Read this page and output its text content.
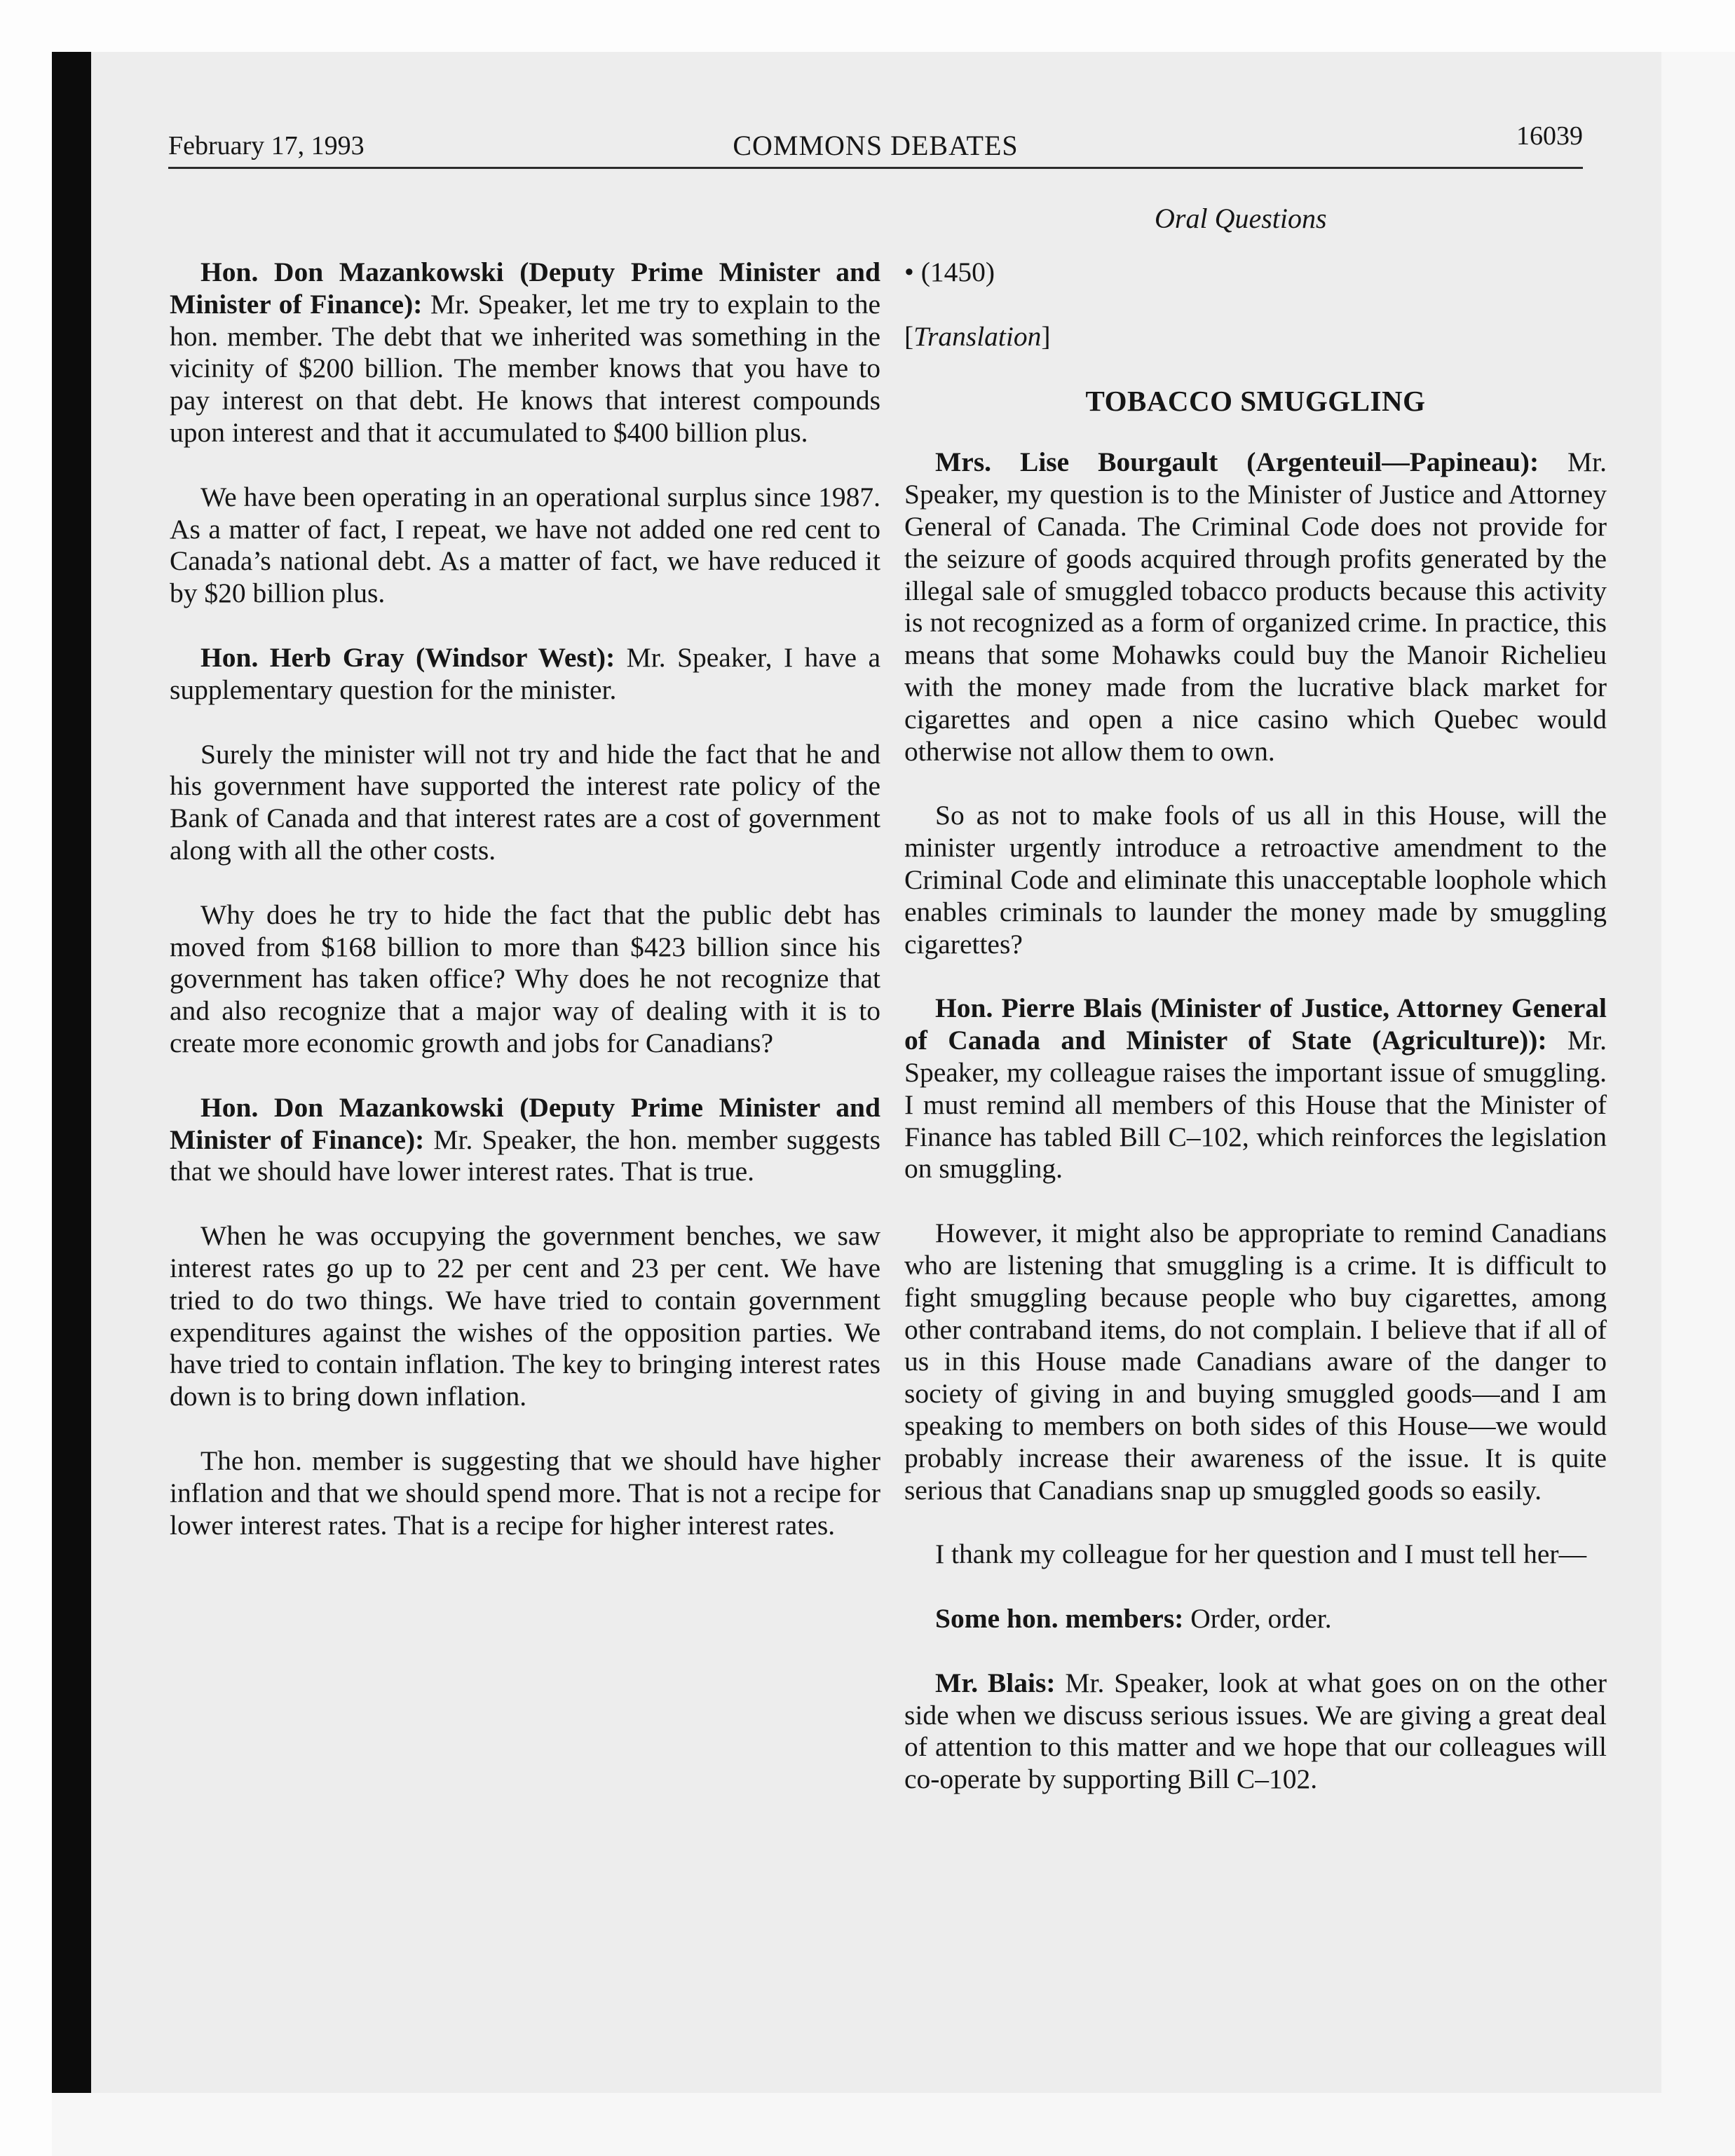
February 17, 1993	COMMONS DEBATES	16039
Oral Questions

Hon. Don Mazankowski (Deputy Prime Minister and Minister of Finance): Mr. Speaker, let me try to explain to the hon. member. The debt that we inherited was something in the vicinity of $200 billion. The member knows that you have to pay interest on that debt. He knows that interest compounds upon interest and that it accumulated to $400 billion plus.

We have been operating in an operational surplus since 1987. As a matter of fact, I repeat, we have not added one red cent to Canada’s national debt. As a matter of fact, we have reduced it by $20 billion plus.

Hon. Herb Gray (Windsor West): Mr. Speaker, I have a supplementary question for the minister.

Surely the minister will not try and hide the fact that he and his government have supported the interest rate policy of the Bank of Canada and that interest rates are a cost of government along with all the other costs.

Why does he try to hide the fact that the public debt has moved from $168 billion to more than $423 billion since his government has taken office? Why does he not recognize that and also recognize that a major way of dealing with it is to create more economic growth and jobs for Canadians?

Hon. Don Mazankowski (Deputy Prime Minister and Minister of Finance): Mr. Speaker, the hon. member suggests that we should have lower interest rates. That is true.

When he was occupying the government benches, we saw interest rates go up to 22 per cent and 23 per cent. We have tried to do two things. We have tried to contain government expenditures against the wishes of the opposition parties. We have tried to contain inflation. The key to bringing interest rates down is to bring down inflation.

The hon. member is suggesting that we should have higher inflation and that we should spend more. That is not a recipe for lower interest rates. That is a recipe for higher interest rates.

• (1450)
[Translation]
TOBACCO SMUGGLING

Mrs. Lise Bourgault (Argenteuil—Papineau): Mr. Speaker, my question is to the Minister of Justice and Attorney General of Canada. The Criminal Code does not provide for the seizure of goods acquired through profits generated by the illegal sale of smuggled tobacco products because this activity is not recognized as a form of organized crime. In practice, this means that some Mohawks could buy the Manoir Richelieu with the money made from the lucrative black market for cigarettes and open a nice casino which Quebec would otherwise not allow them to own.

So as not to make fools of us all in this House, will the minister urgently introduce a retroactive amendment to the Criminal Code and eliminate this unacceptable loophole which enables criminals to launder the money made by smuggling cigarettes?

Hon. Pierre Blais (Minister of Justice, Attorney General of Canada and Minister of State (Agriculture)): Mr. Speaker, my colleague raises the important issue of smuggling. I must remind all members of this House that the Minister of Finance has tabled Bill C–102, which reinforces the legislation on smuggling.

However, it might also be appropriate to remind Canadians who are listening that smuggling is a crime. It is difficult to fight smuggling because people who buy cigarettes, among other contraband items, do not complain. I believe that if all of us in this House made Canadians aware of the danger to society of giving in and buying smuggled goods—and I am speaking to members on both sides of this House—we would probably increase their awareness of the issue. It is quite serious that Canadians snap up smuggled goods so easily.

I thank my colleague for her question and I must tell her—

Some hon. members: Order, order.

Mr. Blais: Mr. Speaker, look at what goes on on the other side when we discuss serious issues. We are giving a great deal of attention to this matter and we hope that our colleagues will co-operate by supporting Bill C–102.
